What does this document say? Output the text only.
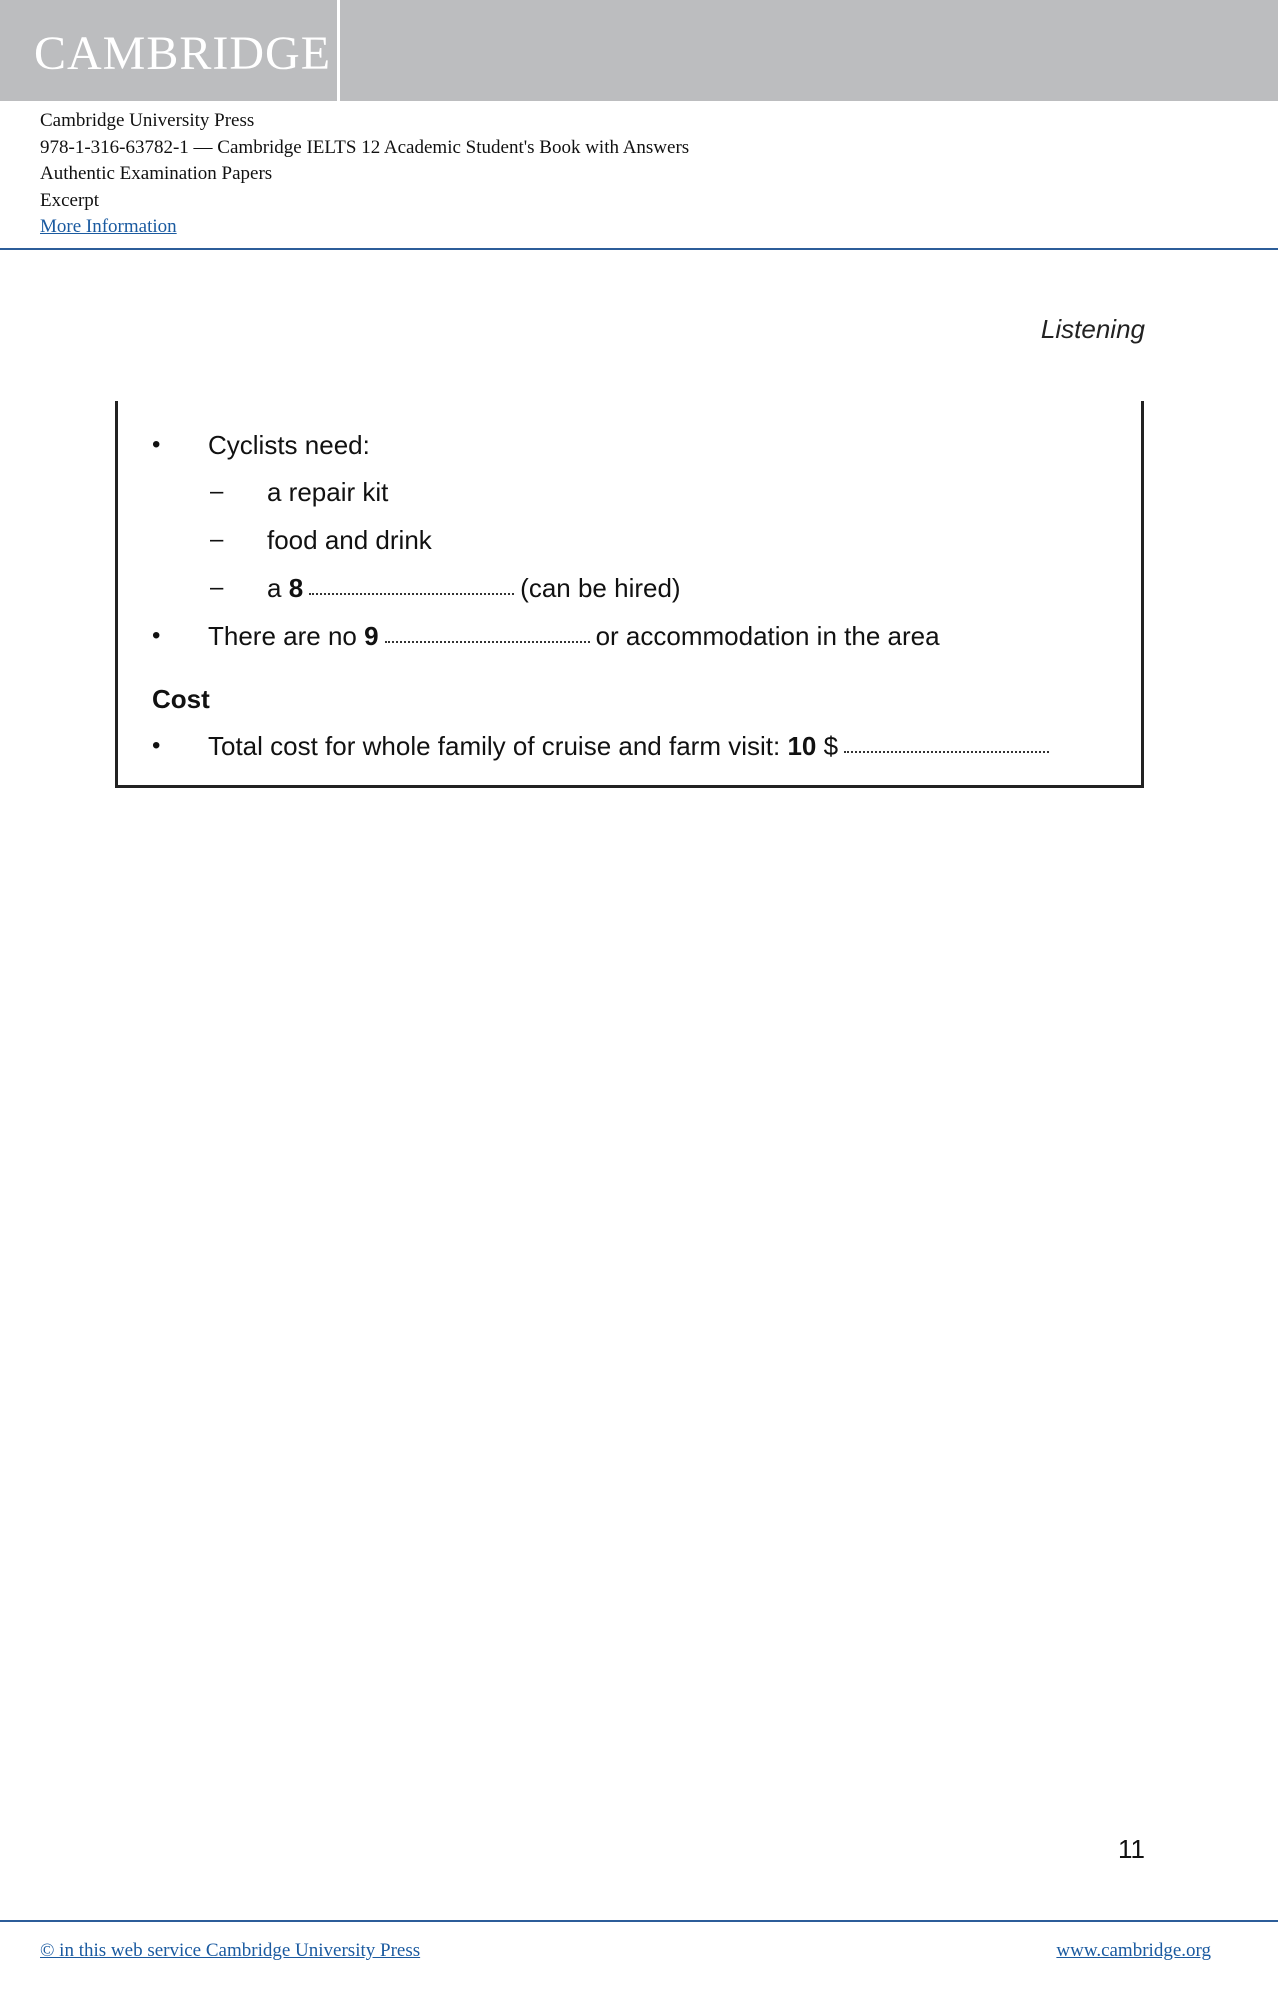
CAMBRIDGE
Cambridge University Press
978-1-316-63782-1 — Cambridge IELTS 12 Academic Student's Book with Answers
Authentic Examination Papers
Excerpt
More Information
Listening
• Cyclists need:
– a repair kit
– food and drink
– a 8	(can be hired)
• There are no 9	or accommodation in the area
Cost
• Total cost for whole family of cruise and farm visit: 10 $
11
© in this web service Cambridge University Press	www.cambridge.org
